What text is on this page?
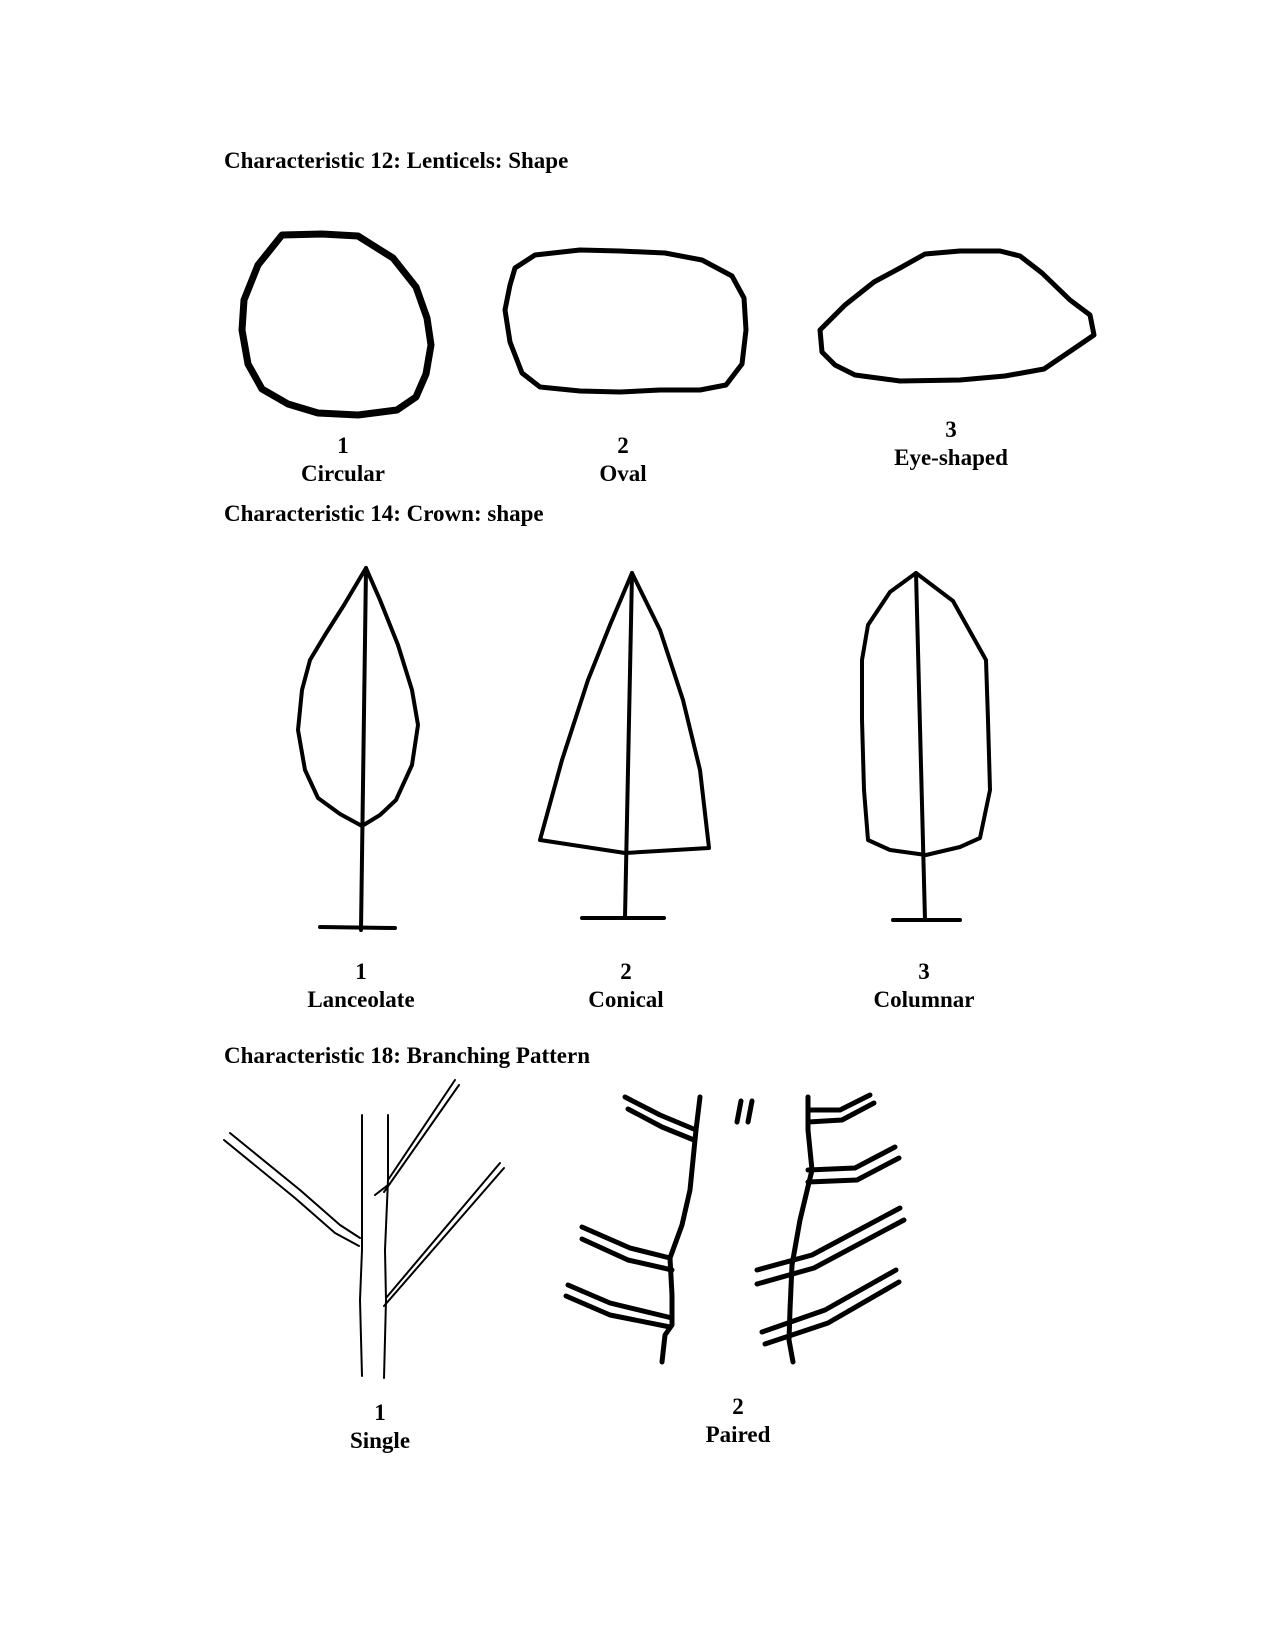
Characteristic 12: Lenticels: Shape
1
Circular
2
Oval
3
Eye-shaped
Characteristic 14: Crown: shape
1
Lanceolate
2
Conical
3
Columnar
Characteristic 18: Branching Pattern
1
Single
2
Paired
